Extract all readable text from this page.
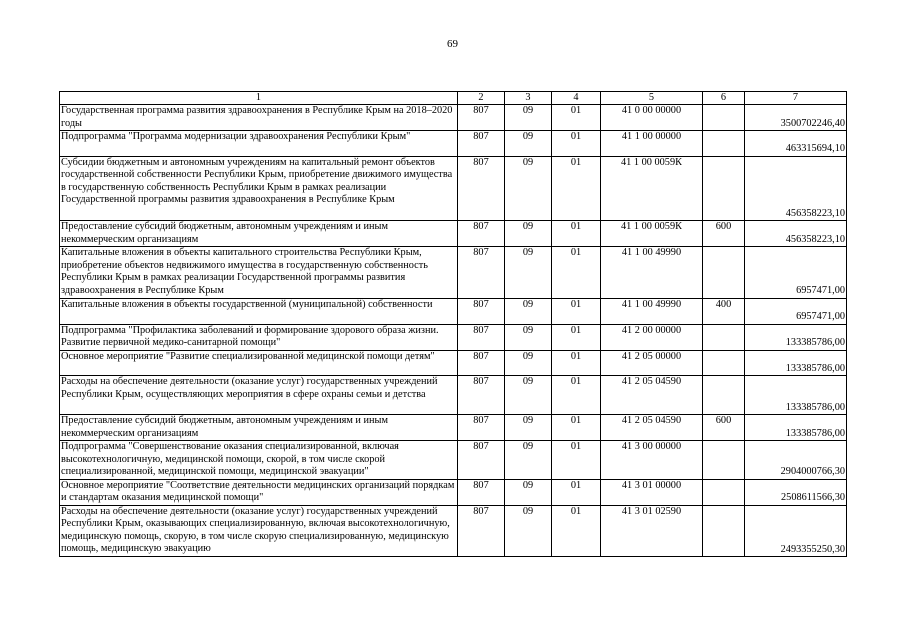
69
1	2	3	4	5	6	7
Государственная программа развития здравоохранения в Республике Крым на 2018–2020 годы	807	09	01	41 0 00 00000		3500702246,40
Подпрограмма "Программа модернизации здравоохранения Республики Крым"	807	09	01	41 1 00 00000		463315694,10
Субсидии бюджетным и автономным учреждениям на капитальный ремонт объектов государственной собственности Республики Крым, приобретение движимого имущества в государственную собственность Республики Крым в рамках реализации Государственной программы развития здравоохранения в Республике Крым	807	09	01	41 1 00 0059К		456358223,10
Предоставление субсидий бюджетным, автономным учреждениям и иным некоммерческим организациям	807	09	01	41 1 00 0059К	600	456358223,10
Капитальные вложения в объекты капитального строительства Республики Крым, приобретение объектов недвижимого имущества в государственную собственность Республики Крым в рамках реализации Государственной программы развития здравоохранения в Республике Крым	807	09	01	41 1 00 49990		6957471,00
Капитальные вложения в объекты государственной (муниципальной) собственности	807	09	01	41 1 00 49990	400	6957471,00
Подпрограмма "Профилактика заболеваний и формирование здорового образа жизни. Развитие первичной медико-санитарной помощи"	807	09	01	41 2 00 00000		133385786,00
Основное мероприятие "Развитие специализированной медицинской помощи детям"	807	09	01	41 2 05 00000		133385786,00
Расходы на обеспечение деятельности (оказание услуг) государственных учреждений Республики Крым, осуществляющих мероприятия в сфере охраны семьи и детства	807	09	01	41 2 05 04590		133385786,00
Предоставление субсидий бюджетным, автономным учреждениям и иным некоммерческим организациям	807	09	01	41 2 05 04590	600	133385786,00
Подпрограмма "Совершенствование оказания специализированной, включая высокотехнологичную, медицинской помощи, скорой, в том числе скорой специализированной, медицинской помощи, медицинской эвакуации"	807	09	01	41 3 00 00000		2904000766,30
Основное мероприятие "Соответствие деятельности медицинских организаций порядкам и стандартам оказания медицинской помощи"	807	09	01	41 3 01 00000		2508611566,30
Расходы на обеспечение деятельности (оказание услуг) государственных учреждений Республики Крым, оказывающих специализированную, включая высокотехнологичную, медицинскую помощь, скорую, в том числе скорую специализированную, медицинскую помощь, медицинскую эвакуацию	807	09	01	41 3 01 02590		2493355250,30
